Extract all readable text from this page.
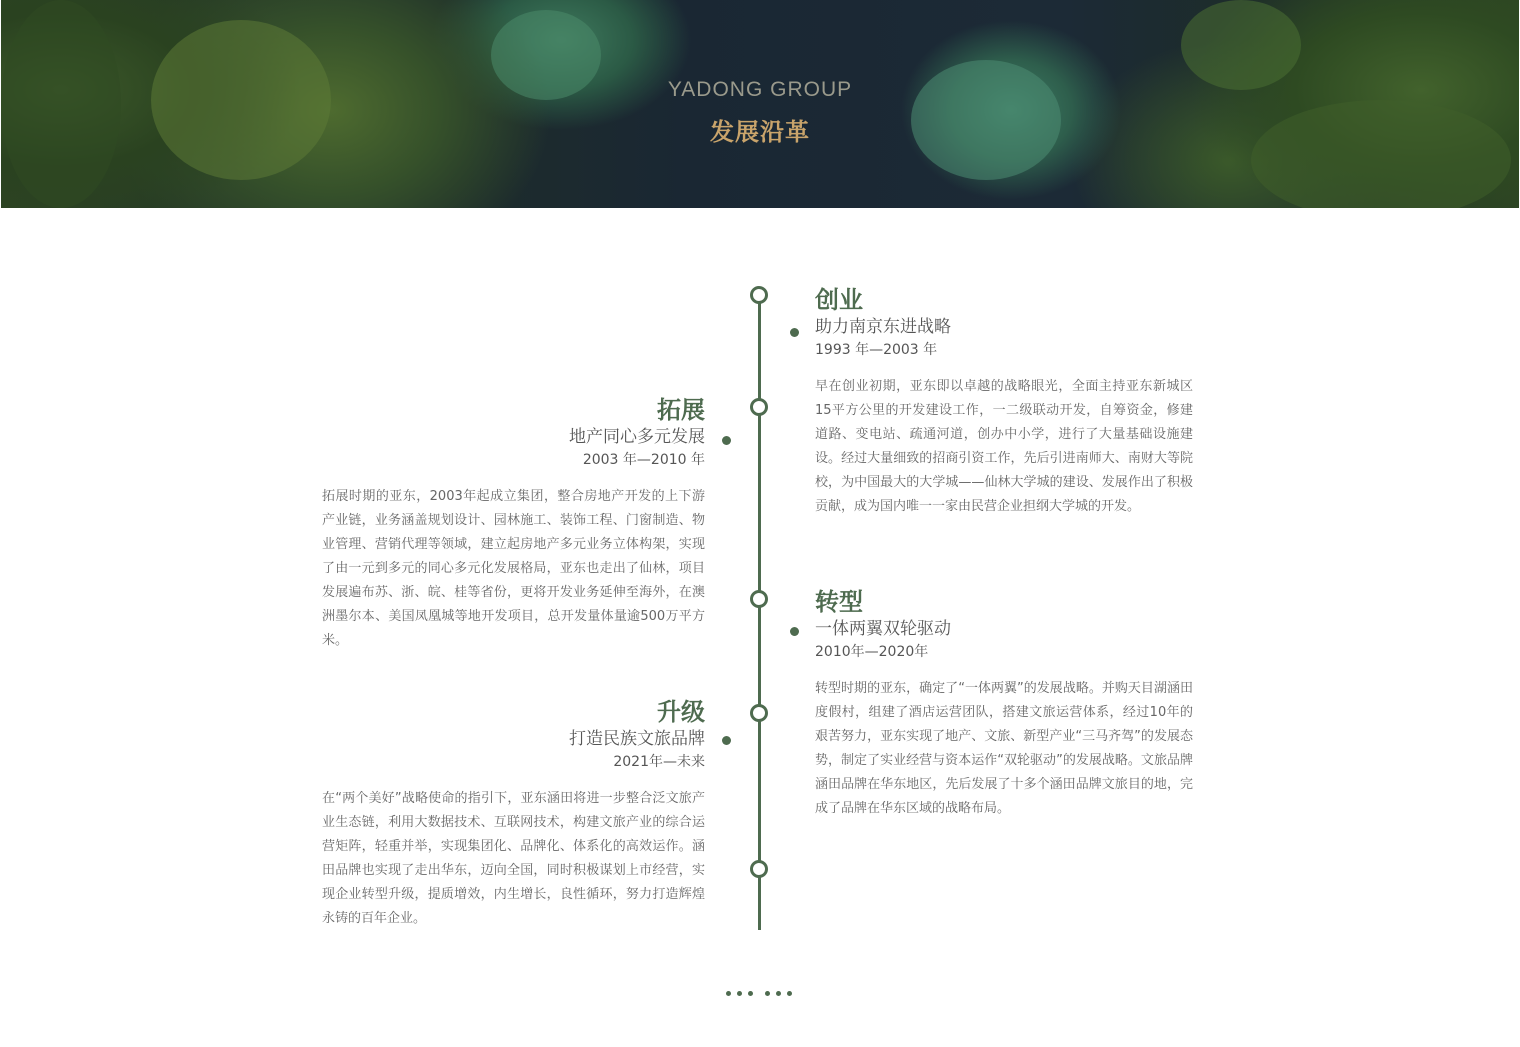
YADONG GROUP
发展沿革
创业
助力南京东进战略
1993 年—2003 年

早在创业初期，亚东即以卓越的战略眼光，全面主持亚东新城区15平方公里的开发建设工作，一二级联动开发，自筹资金，修建道路、变电站、疏通河道，创办中小学，进行了大量基础设施建设。经过大量细致的招商引资工作，先后引进南师大、南财大等院校，为中国最大的大学城——仙林大学城的建设、发展作出了积极贡献，成为国内唯一一家由民营企业担纲大学城的开发。

拓展
地产同心多元发展
2003 年—2010 年

拓展时期的亚东，2003年起成立集团，整合房地产开发的上下游产业链，业务涵盖规划设计、园林施工、装饰工程、门窗制造、物业管理、营销代理等领域，建立起房地产多元业务立体构架，实现了由一元到多元的同心多元化发展格局，亚东也走出了仙林，项目发展遍布苏、浙、皖、桂等省份，更将开发业务延伸至海外，在澳洲墨尔本、美国凤凰城等地开发项目，总开发量体量逾500万平方米。

转型
一体两翼双轮驱动
2010年—2020年

转型时期的亚东，确定了“一体两翼”的发展战略。并购天目湖涵田度假村，组建了酒店运营团队，搭建文旅运营体系，经过10年的艰苦努力，亚东实现了地产、文旅、新型产业“三马齐驾”的发展态势，制定了实业经营与资本运作“双轮驱动”的发展战略。文旅品牌涵田品牌在华东地区，先后发展了十多个涵田品牌文旅目的地，完成了品牌在华东区域的战略布局。

升级
打造民族文旅品牌
2021年—未来

在“两个美好”战略使命的指引下，亚东涵田将进一步整合泛文旅产业生态链，利用大数据技术、互联网技术，构建文旅产业的综合运营矩阵，轻重并举，实现集团化、品牌化、体系化的高效运作。涵田品牌也实现了走出华东，迈向全国，同时积极谋划上市经营，实现企业转型升级，提质增效，内生增长，良性循环，努力打造辉煌永铸的百年企业。
